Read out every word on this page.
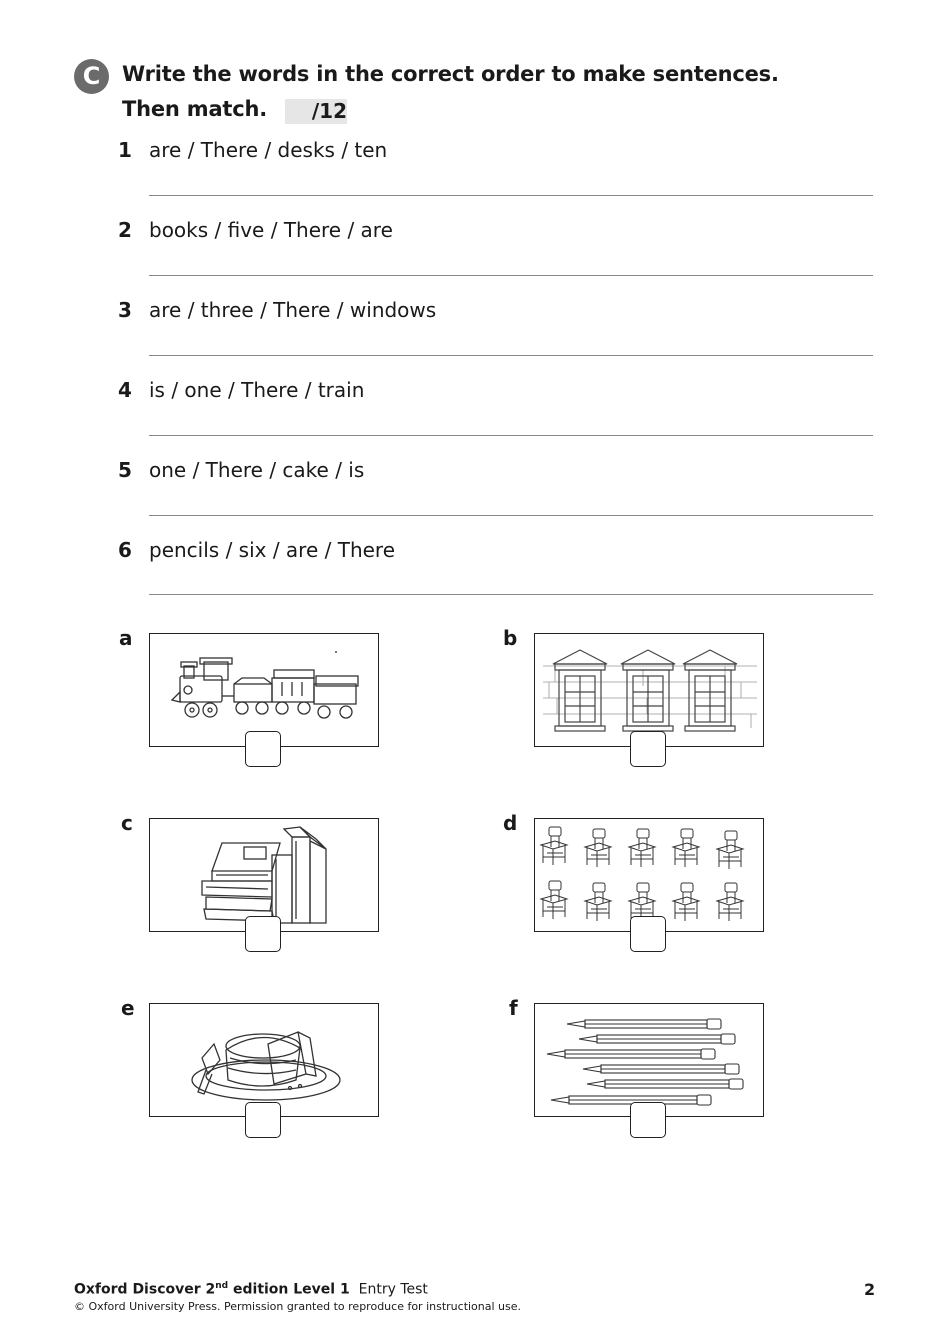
C	Write the words in the correct order to make sentences.
Then match.	/12
1 are / There / desks / ten
2 books / five / There / are
3 are / three / There / windows
4 is / one / There / train
5 one / There / cake / is
6 pencils / six / are / There
a	b
c	d
e	f
Oxford Discover 2nd edition Level 1 Entry Test
© Oxford University Press. Permission granted to reproduce for instructional use.
2
